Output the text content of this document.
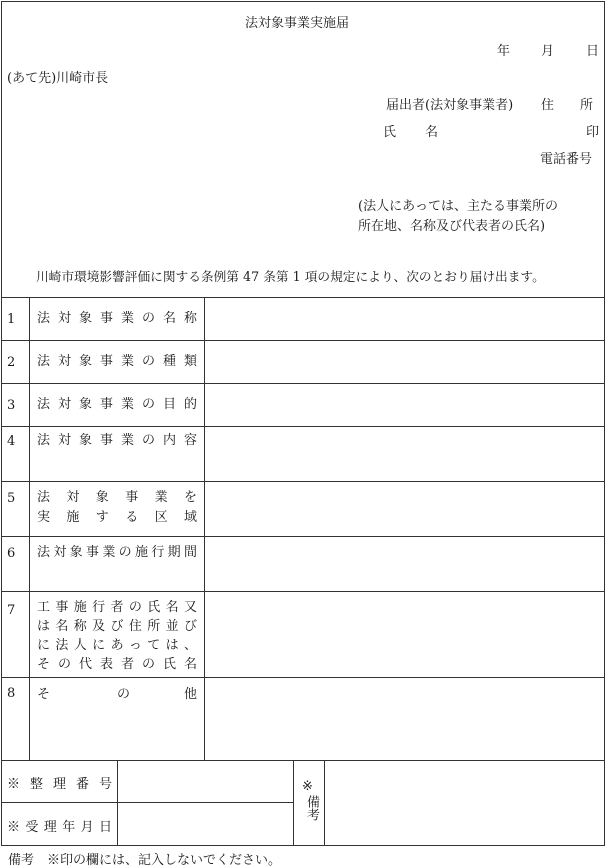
法対象事業実施届
年 月 日
(あて先)川崎市長
届出者(法対象事業者) 住　　所
氏 名	印
電話番号
(法人にあっては、主たる事業所の
所在地、名称及び代表者の氏名)
川崎市環境影響評価に関する条例第 47 条第 1 項の規定により、次のとおり届け出ます。
1 法対象事業の名称
2 法対象事業の種類
3 法対象事業の目的
4 法対象事業の内容
5 法 対 象 事 業 を
実 施 す る 区 域
6 法対象事業の施行期間
7 工事施行者の氏名又
は名称及び住所並び
に法人にあっては、
その代表者の氏名
8 そ	の	他
※整理番号
※受理年月日
※
備考
備考　※印の欄には、記入しないでください。
